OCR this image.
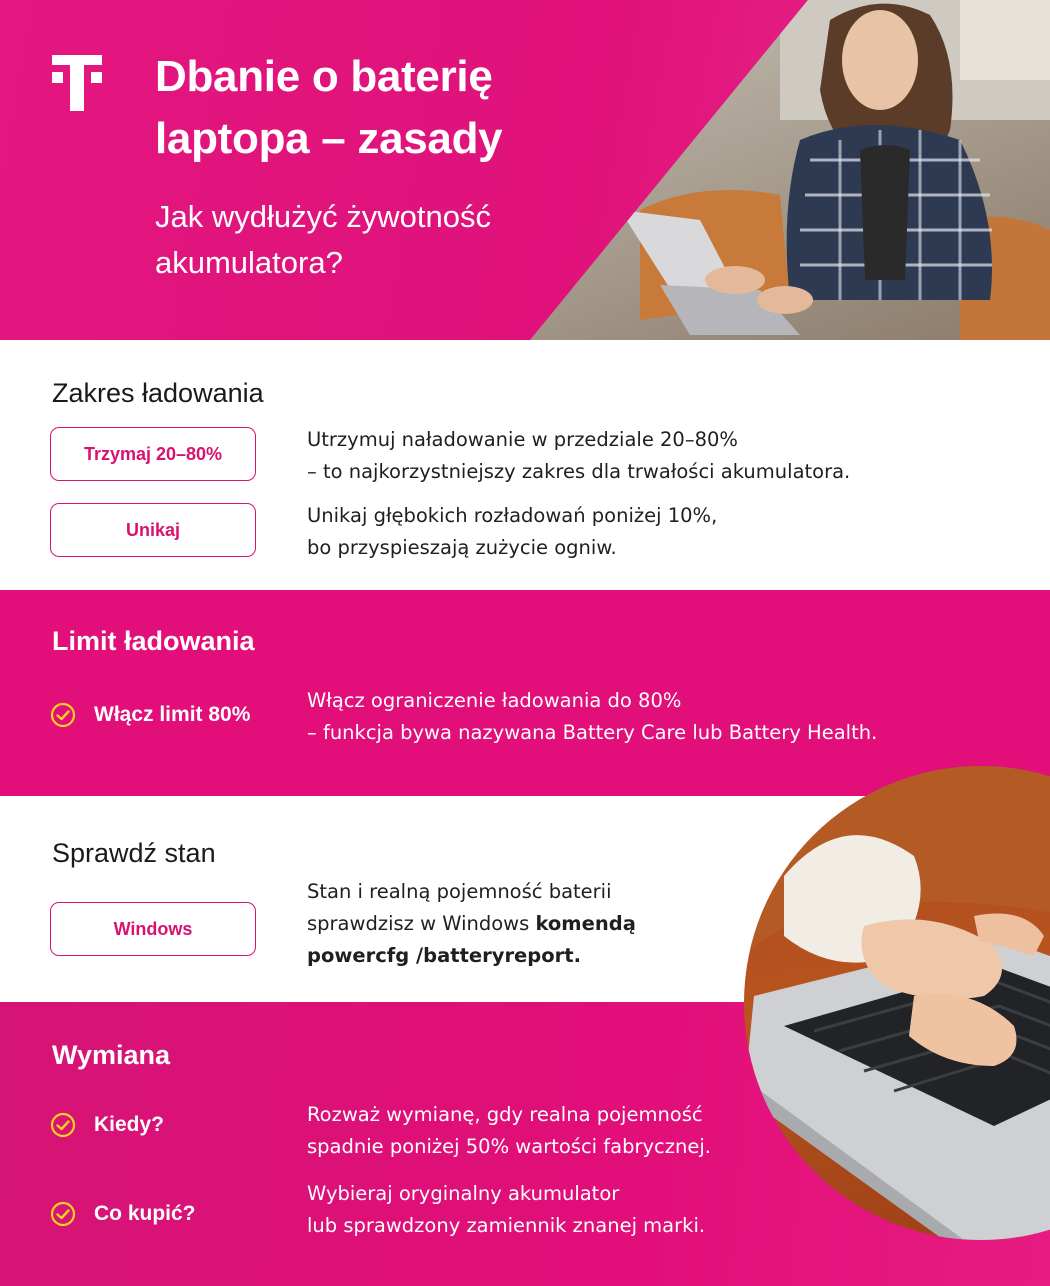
Dbanie o baterię laptopa – zasady

Jak wydłużyć żywotność akumulatora?

Zakres ładowania
Trzymaj 20–80%

Utrzymuj naładowanie w przedziale 20–80%
– to najkorzystniejszy zakres dla trwałości akumulatora.

Unikaj

Unikaj głębokich rozładowań poniżej 10%,
bo przyspieszają zużycie ogniw.

Limit ładowania
Włącz limit 80%

Włącz ograniczenie ładowania do 80%
– funkcja bywa nazywana Battery Care lub Battery Health.

Sprawdź stan
Windows

Stan i realną pojemność baterii
sprawdzisz w Windows komendą
powercfg /batteryreport.

Wymiana
Kiedy?	Rozważ wymianę, gdy realna pojemność
spadnie poniżej 50% wartości fabrycznej.

Co kupić?

Wybieraj oryginalny akumulator
lub sprawdzony zamiennik znanej marki.
